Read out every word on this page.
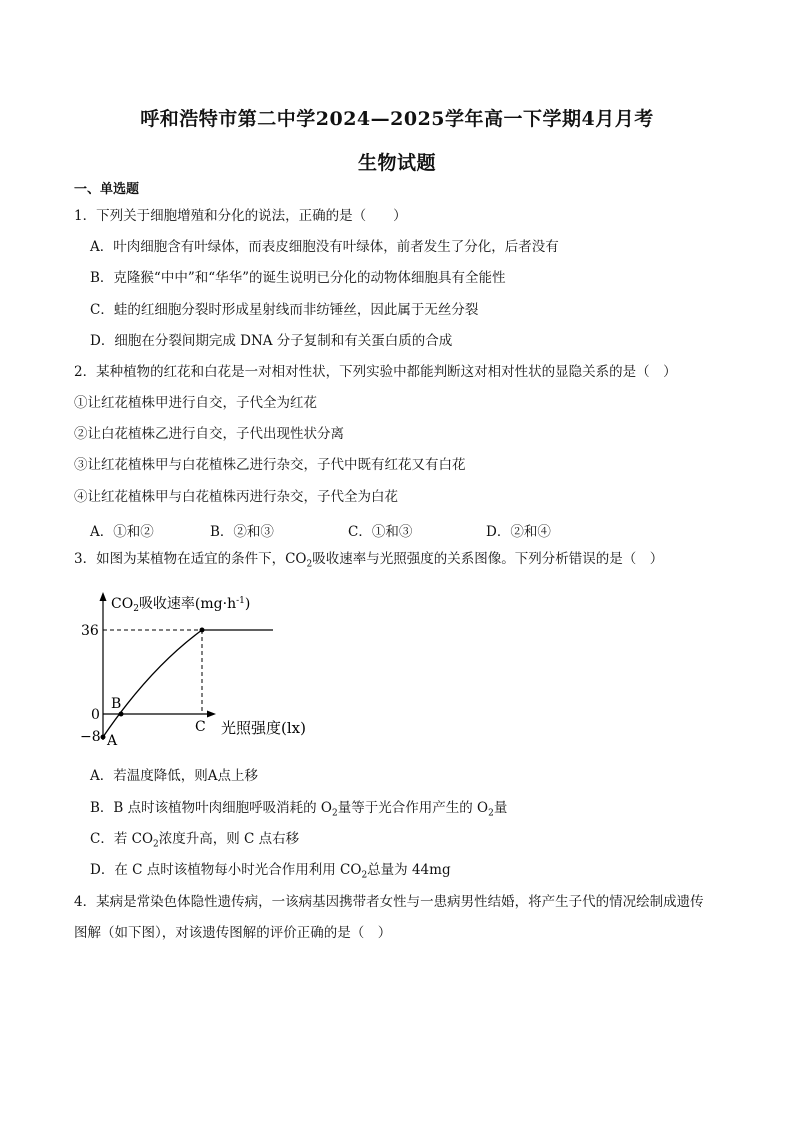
呼和浩特市第二中学2024—2025学年高一下学期4月月考
生物试题
一、单选题
1．下列关于细胞增殖和分化的说法，正确的是（　　）
A．叶肉细胞含有叶绿体，而表皮细胞没有叶绿体，前者发生了分化，后者没有
B．克隆猴“中中”和“华华”的诞生说明已分化的动物体细胞具有全能性
C．蛙的红细胞分裂时形成星射线而非纺锤丝，因此属于无丝分裂
D．细胞在分裂间期完成 DNA 分子复制和有关蛋白质的合成
2．某种植物的红花和白花是一对相对性状，下列实验中都能判断这对相对性状的显隐关系的是（　）
①让红花植株甲进行自交，子代全为红花
②让白花植株乙进行自交，子代出现性状分离
③让红花植株甲与白花植株乙进行杂交，子代中既有红花又有白花
④让红花植株甲与白花植株丙进行杂交，子代全为白花
A．①和②	B．②和③	C．①和③	D．②和④
3．如图为某植物在适宜的条件下，$CO_2$吸收速率与光照强度的关系图像。下列分析错误的是（　）
$CO_2$吸收速率$(mg\cdot h^{-1})$
36
0
−8 A
B
C 光照强度(lx)
A．若温度降低，则A点上移
B．B 点时该植物叶肉细胞呼吸消耗的 $O_2$量等于光合作用产生的 $O_2$量
C．若 $CO_2$浓度升高，则 C 点右移
D．在 C 点时该植物每小时光合作用利用 $CO_2$总量为 44mg
4．某病是常染色体隐性遗传病，一该病基因携带者女性与一患病男性结婚，将产生子代的情况绘制成遗传
图解（如下图），对该遗传图解的评价正确的是（　）
